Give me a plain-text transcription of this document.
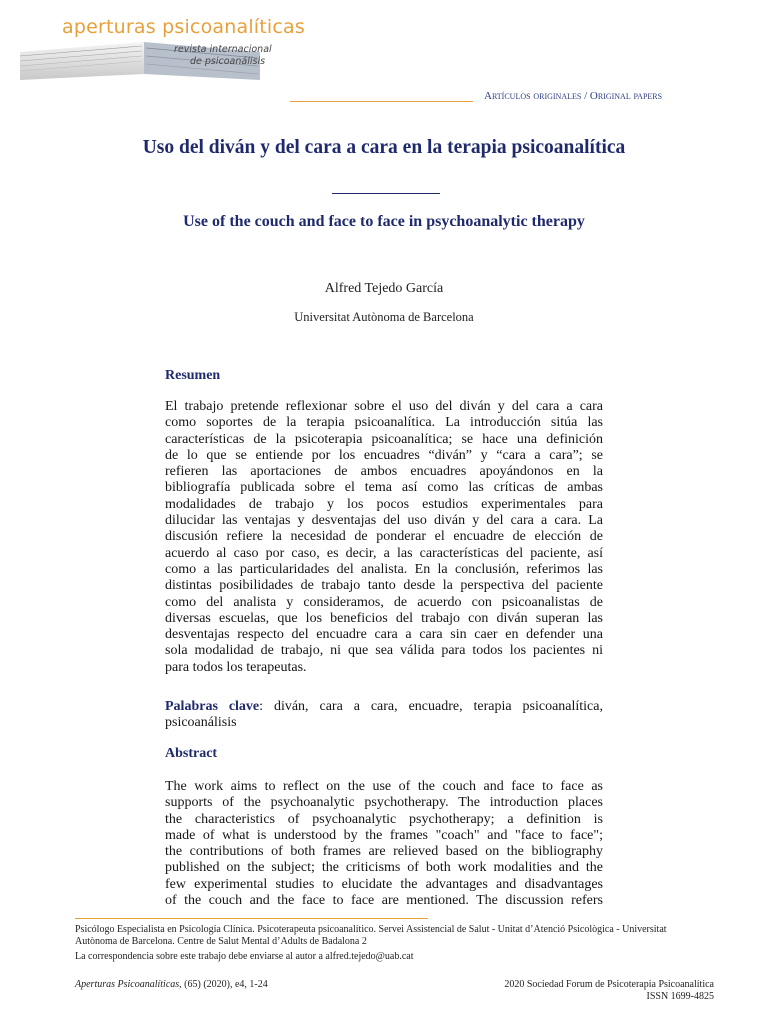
aperturas psicoanalíticas
revista internacional
de psicoanálisis
Artículos originales / Original papers
Uso del diván y del cara a cara en la terapia psicoanalítica
Use of the couch and face to face in psychoanalytic therapy
Alfred Tejedo García
Universitat Autònoma de Barcelona
Resumen
El trabajo pretende reflexionar sobre el uso del diván y del cara a cara
como soportes de la terapia psicoanalítica. La introducción sitúa las
características de la psicoterapia psicoanalítica; se hace una definición
de lo que se entiende por los encuadres “diván” y “cara a cara”; se
refieren las aportaciones de ambos encuadres apoyándonos en la
bibliografía publicada sobre el tema así como las críticas de ambas
modalidades de trabajo y los pocos estudios experimentales para
dilucidar las ventajas y desventajas del uso diván y del cara a cara. La
discusión refiere la necesidad de ponderar el encuadre de elección de
acuerdo al caso por caso, es decir, a las características del paciente, así
como a las particularidades del analista. En la conclusión, referimos las
distintas posibilidades de trabajo tanto desde la perspectiva del paciente
como del analista y consideramos, de acuerdo con psicoanalistas de
diversas escuelas, que los beneficios del trabajo con diván superan las
desventajas respecto del encuadre cara a cara sin caer en defender una
sola modalidad de trabajo, ni que sea válida para todos los pacientes ni
para todos los terapeutas.
Palabras clave: diván, cara a cara, encuadre, terapia psicoanalítica,
psicoanálisis
Abstract
The work aims to reflect on the use of the couch and face to face as
supports of the psychoanalytic psychotherapy. The introduction places
the characteristics of psychoanalytic psychotherapy; a definition is
made of what is understood by the frames "coach" and "face to face";
the contributions of both frames are relieved based on the bibliography
published on the subject; the criticisms of both work modalities and the
few experimental studies to elucidate the advantages and disadvantages
of the couch and the face to face are mentioned. The discussion refers
Psicólogo Especialista en Psicología Clínica. Psicoterapeuta psicoanalítico. Servei Assistencial de Salut - Unitat d’Atenció Psicològica - Universitat
Autònoma de Barcelona. Centre de Salut Mental d’Adults de Badalona 2
La correspondencia sobre este trabajo debe enviarse al autor a alfred.tejedo@uab.cat
Aperturas Psicoanalíticas, (65) (2020), e4, 1-24	2020 Sociedad Forum de Psicoterapia Psicoanalítica
ISSN 1699-4825
